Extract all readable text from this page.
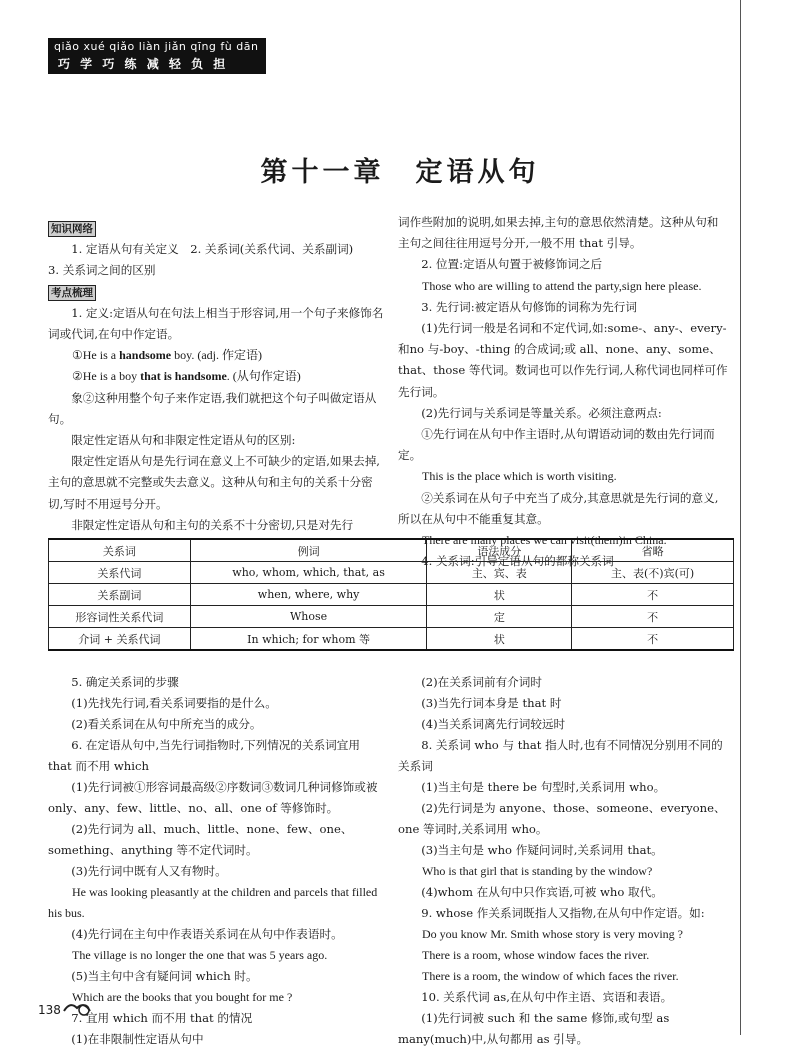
qiǎo xué qiǎo liàn jiǎn qīng fù dān
巧 学 巧 练 减 轻 负 担
第十一章　定语从句
知识网络

1. 定语从句有关定义　2. 关系词(关系代词、关系副词)

3. 关系词之间的区别

考点梳理

1. 定义:定语从句在句法上相当于形容词,用一个句子来修饰名词或代词,在句中作定语。

①He is a handsome boy. (adj. 作定语)

②He is a boy that is handsome. (从句作定语)

象②这种用整个句子来作定语,我们就把这个句子叫做定语从句。

限定性定语从句和非限定性定语从句的区别:

限定性定语从句是先行词在意义上不可缺少的定语,如果去掉,主句的意思就不完整或失去意义。这种从句和主句的关系十分密切,写时不用逗号分开。

非限定性定语从句和主句的关系不十分密切,只是对先行

词作些附加的说明,如果去掉,主句的意思依然清楚。这种从句和主句之间往往用逗号分开,一般不用 that 引导。

2. 位置:定语从句置于被修饰词之后

Those who are willing to attend the party,sign here please.

3. 先行词:被定语从句修饰的词称为先行词

(1)先行词一般是名词和不定代词,如:some-、any-、every-和no 与-boy、-thing 的合成词;或 all、none、any、some、that、those 等代词。数词也可以作先行词,人称代词也同样可作先行词。

(2)先行词与关系词是等量关系。必须注意两点:

①先行词在从句中作主语时,从句谓语动词的数由先行词而定。

This is the place which is worth visiting.

②关系词在从句子中充当了成分,其意思就是先行词的意义,所以在从句中不能重复其意。

There are many places we can visit(them)in China.

4. 关系词:引导定语从句的都称关系词

关系词	例词	语法成分	省略
关系代词	who, whom, which, that, as	主、宾、表	主、表(不)宾(可)
关系副词	when, where, why	状	不
形容词性关系代词	Whose	定	不
介词 + 关系代词	In which; for whom 等	状	不

5. 确定关系词的步骤

(1)先找先行词,看关系词要指的是什么。

(2)看关系词在从句中所充当的成分。

6. 在定语从句中,当先行词指物时,下列情况的关系词宜用 that 而不用 which

(1)先行词被①形容词最高级②序数词③数词几种词修饰或被 only、any、few、little、no、all、one of 等修饰时。

(2)先行词为 all、much、little、none、few、one、something、anything 等不定代词时。

(3)先行词中既有人又有物时。

He was looking pleasantly at the children and parcels that filled his bus.

(4)先行词在主句中作表语关系词在从句中作表语时。

The village is no longer the one that was 5 years ago.

(5)当主句中含有疑问词 which 时。

Which are the books that you bought for me ?

7. 宜用 which 而不用 that 的情况

(1)在非限制性定语从句中

(2)在关系词前有介词时

(3)当先行词本身是 that 时

(4)当关系词离先行词较远时

8. 关系词 who 与 that 指人时,也有不同情况分别用不同的关系词

(1)当主句是 there be 句型时,关系词用 who。

(2)先行词是为 anyone、those、someone、everyone、one 等词时,关系词用 who。

(3)当主句是 who 作疑问词时,关系词用 that。

Who is that girl that is standing by the window?

(4)whom 在从句中只作宾语,可被 who 取代。

9. whose 作关系词既指人又指物,在从句中作定语。如:

Do you know Mr. Smith whose story is very moving ?

There is a room, whose window faces the river.

There is a room, the window of which faces the river.

10. 关系代词 as,在从句中作主语、宾语和表语。

(1)先行词被 such 和 the same 修饰,或句型 as many(much)中,从句都用 as 引导。

138
